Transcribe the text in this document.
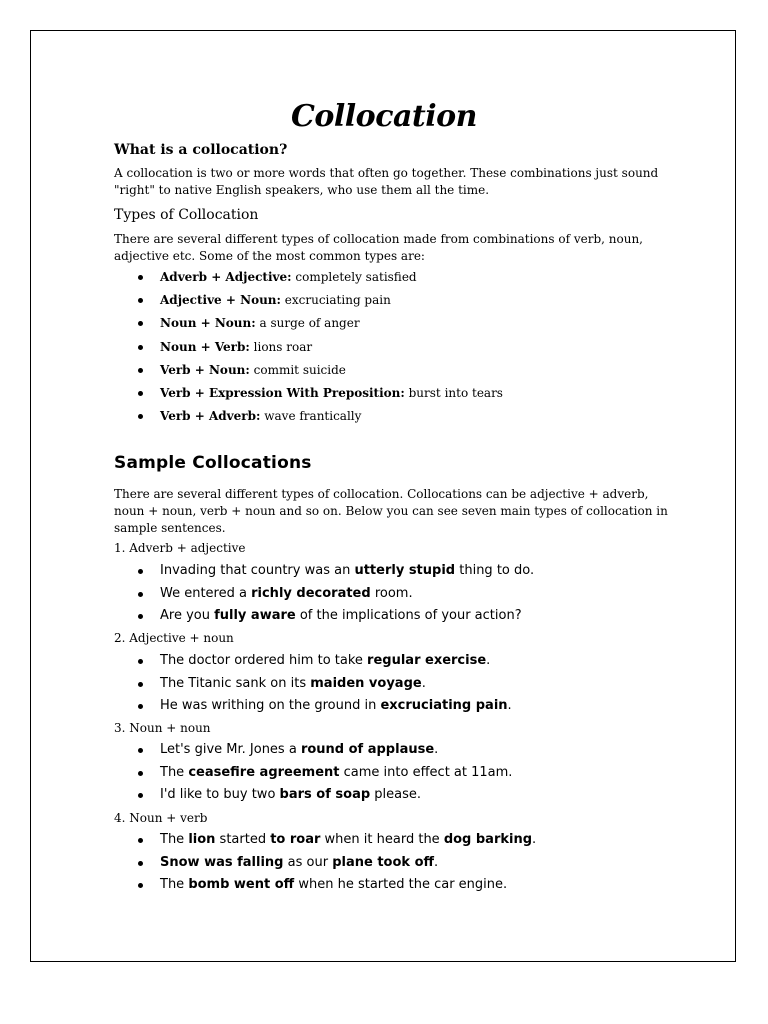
Collocation
What is a collocation?

A collocation is two or more words that often go together. These combinations just sound "right" to native English speakers, who use them all the time.

Types of Collocation

There are several different types of collocation made from combinations of verb, noun, adjective etc. Some of the most common types are:

Adverb + Adjective: completely satisfied
Adjective + Noun: excruciating pain
Noun + Noun: a surge of anger
Noun + Verb: lions roar
Verb + Noun: commit suicide
Verb + Expression With Preposition: burst into tears
Verb + Adverb: wave frantically
Sample Collocations

There are several different types of collocation. Collocations can be adjective + adverb, noun + noun, verb + noun and so on. Below you can see seven main types of collocation in sample sentences.

1. Adverb + adjective
Invading that country was an utterly stupid thing to do.
We entered a richly decorated room.
Are you fully aware of the implications of your action?
2. Adjective + noun
The doctor ordered him to take regular exercise.
The Titanic sank on its maiden voyage.
He was writhing on the ground in excruciating pain.
3. Noun + noun
Let's give Mr. Jones a round of applause.
The ceasefire agreement came into effect at 11am.
I'd like to buy two bars of soap please.
4. Noun + verb
The lion started to roar when it heard the dog barking.
Snow was falling as our plane took off.
The bomb went off when he started the car engine.
